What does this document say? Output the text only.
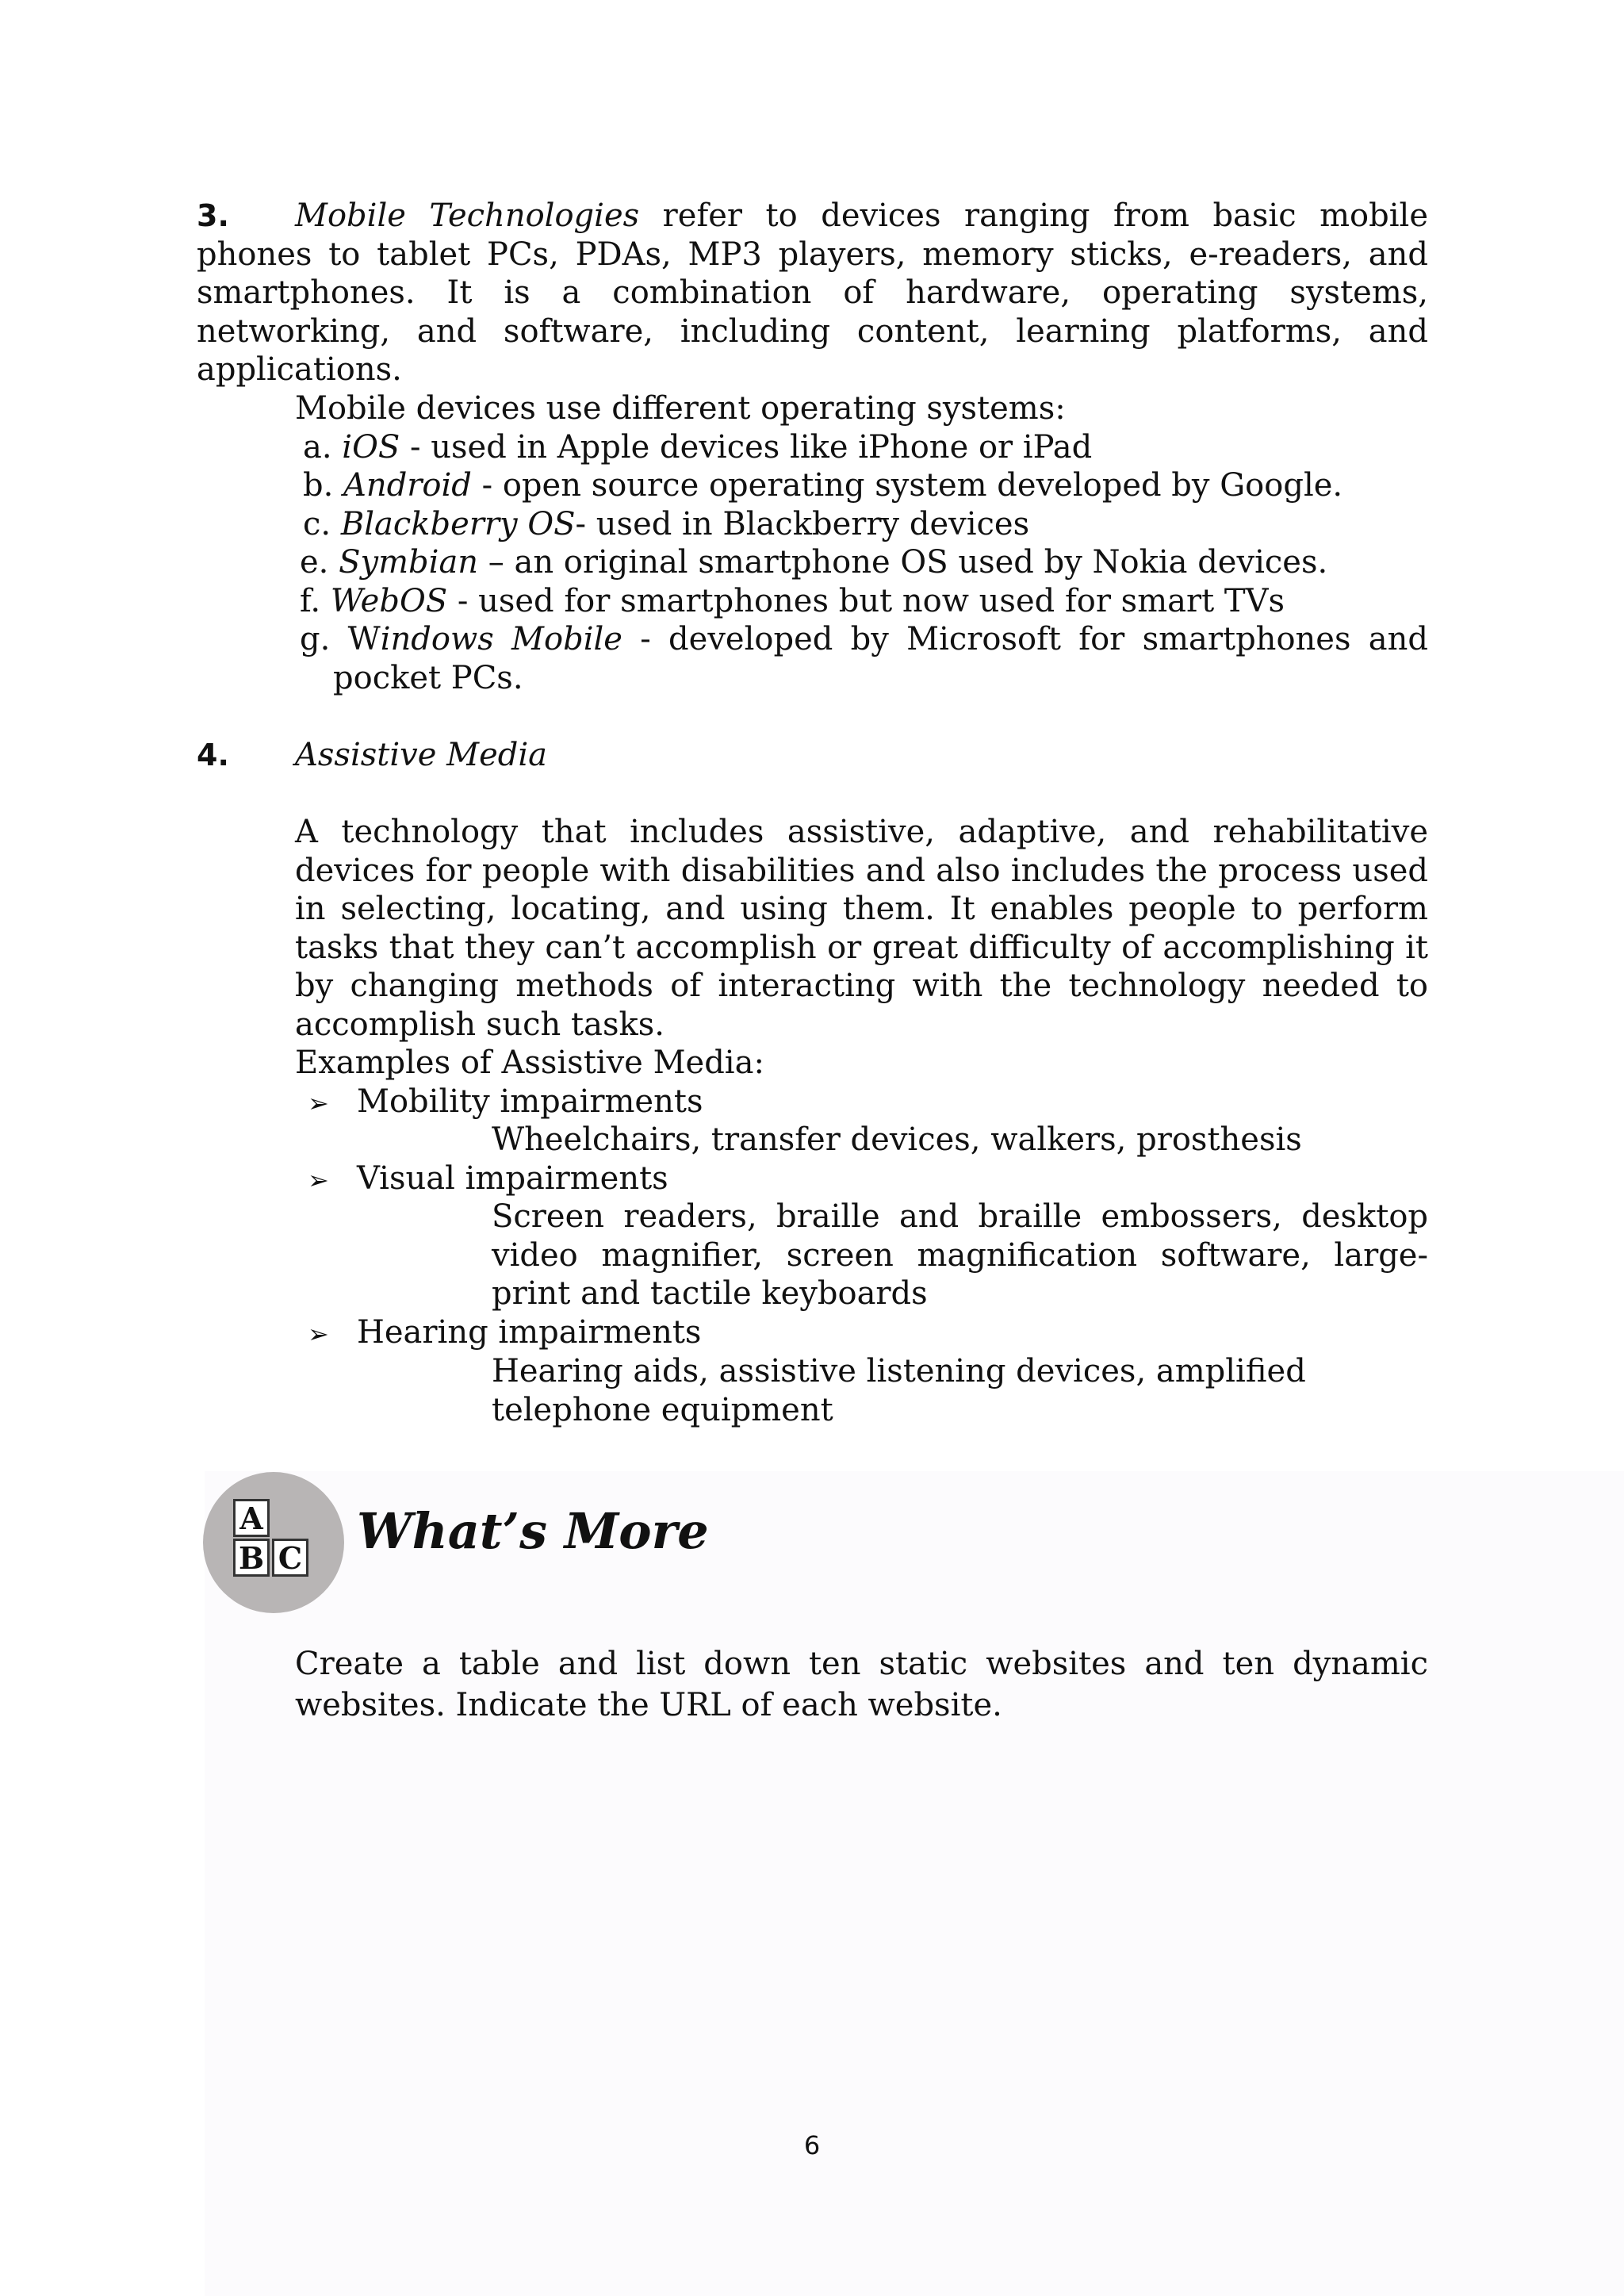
3. Mobile Technologies refer to devices ranging from basic mobile phones to tablet PCs, PDAs, MP3 players, memory sticks, e-readers, and smartphones. It is a combination of hardware, operating systems, networking, and software, including content, learning platforms, and applications.

Mobile devices use different operating systems:
a. iOS - used in Apple devices like iPhone or iPad
b. Android - open source operating system developed by Google.
c. Blackberry OS- used in Blackberry devices
e. Symbian – an original smartphone OS used by Nokia devices.
f. WebOS - used for smartphones but now used for smart TVs
g. Windows Mobile - developed by Microsoft for smartphones and
pocket PCs.
4. Assistive Media

A technology that includes assistive, adaptive, and rehabilitative devices for people with disabilities and also includes the process used in selecting, locating, and using them. It enables people to perform tasks that they can’t accomplish or great difficulty of accomplishing it by changing methods of interacting with the technology needed to accomplish such tasks.

Examples of Assistive Media:
➢ Mobility impairments
Wheelchairs, transfer devices, walkers, prosthesis
➢ Visual impairments
Screen readers, braille and braille embossers, desktop video magnifier, screen magnification software, large-print and tactile keyboards
➢ Hearing impairments
Hearing aids, assistive listening devices, amplified telephone equipment
A
B C What’s More

Create a table and list down ten static websites and ten dynamic websites. Indicate the URL of each website.

6
